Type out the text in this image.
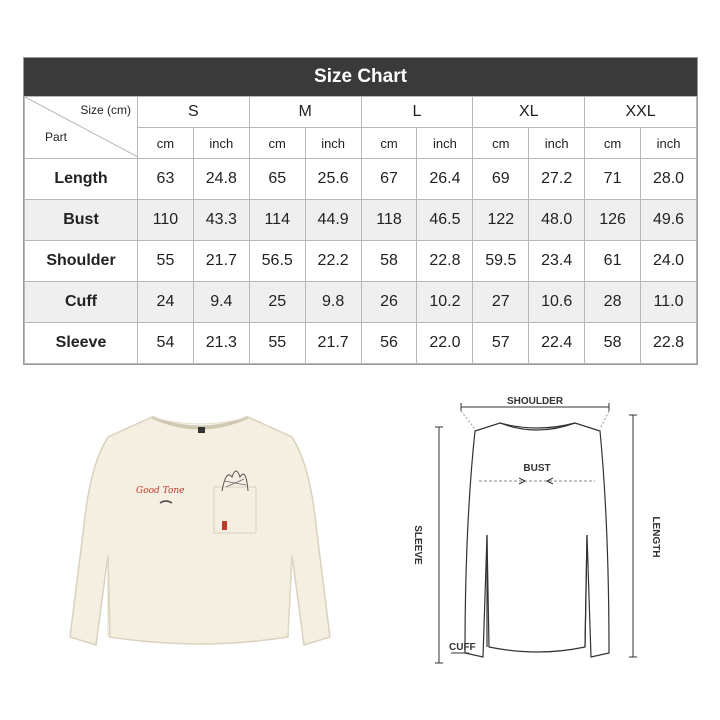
Size Chart
Size (cm)
Part	S		M		L		XL		XXL	
	cm	inch	cm	inch	cm	inch	cm	inch	cm	inch
Length	63	24.8	65	25.6	67	26.4	69	27.2	71	28.0
Bust	110	43.3	114	44.9	118	46.5	122	48.0	126	49.6
Shoulder	55	21.7	56.5	22.2	58	22.8	59.5	23.4	61	24.0
Cuff	24	9.4	25	9.8	26	10.2	27	10.6	28	11.0
Sleeve	54	21.3	55	21.7	56	22.0	57	22.4	58	22.8
Good Tone
SHOULDER
BUST
SLEEVE	LENGTH
CUFF
